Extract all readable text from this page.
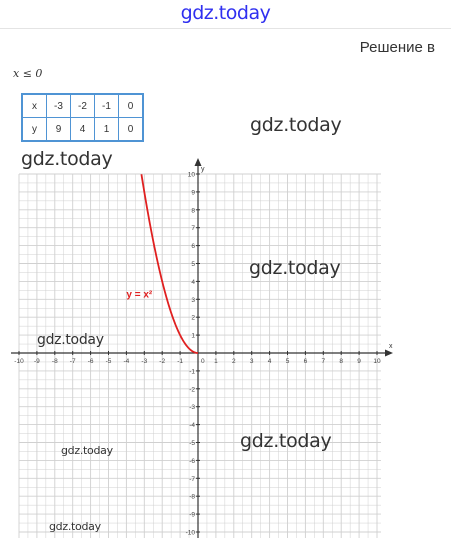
gdz.today
Решение в
x ≤ 0
x	-3	-2	-1	0
y	9	4	1	0
x
y
-10 -9 -8 -7 -6 -5 -4 -3 -2 -1	1 2 3 4 5 6 7 8 9 10
-10
-9
-8
-7
-6
-5
-4
-3
-2
-1
1
2
3
4
5
6
7
8
9
10
0
y = x²
gdz.today
gdz.today
gdz.today
gdz.today
gdz.today
gdz.today
gdz.today
